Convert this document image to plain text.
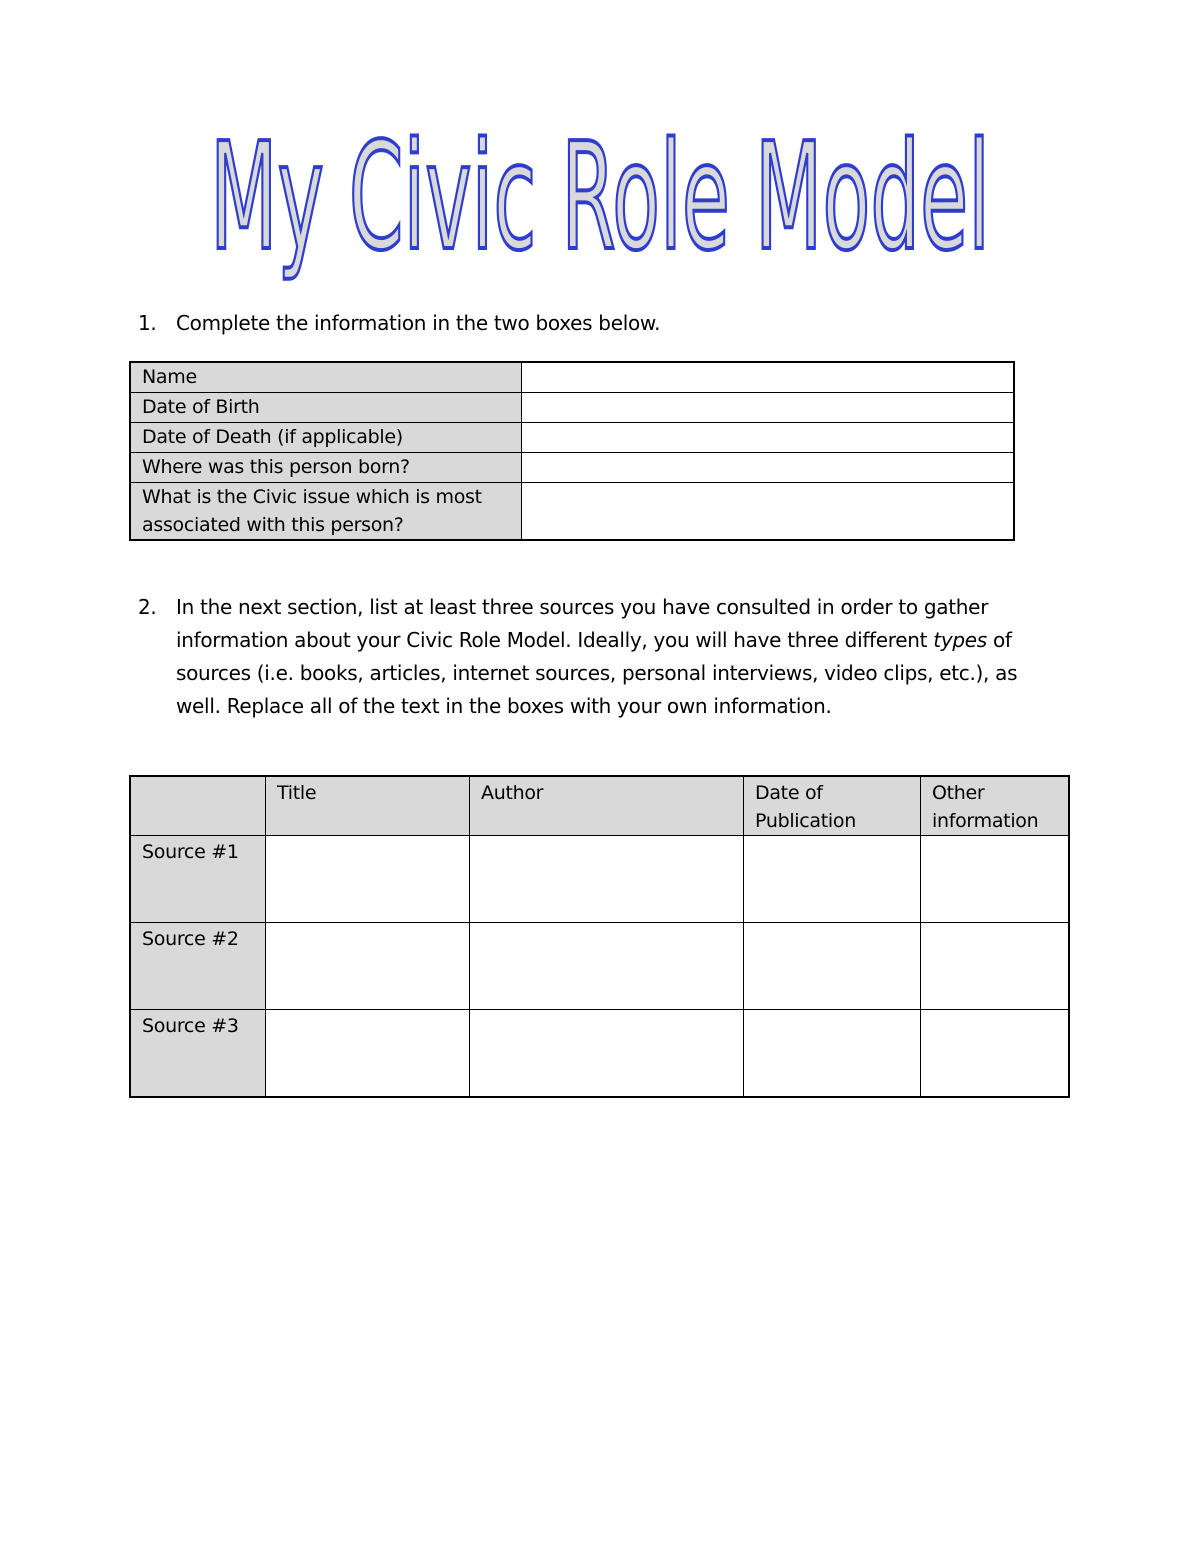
My Civic Role Model
1. Complete the information in the two boxes below.
Name	
Date of Birth	
Date of Death (if applicable)	
Where was this person born?	
What is the Civic issue which is most associated with this person?	
2. In the next section, list at least three sources you have consulted in order to gather information about your Civic Role Model. Ideally, you will have three different types of sources (i.e. books, articles, internet sources, personal interviews, video clips, etc.), as well. Replace all of the text in the boxes with your own information.
	Title	Author	Date of Publication	Other information
Source #1				
Source #2				
Source #3				
